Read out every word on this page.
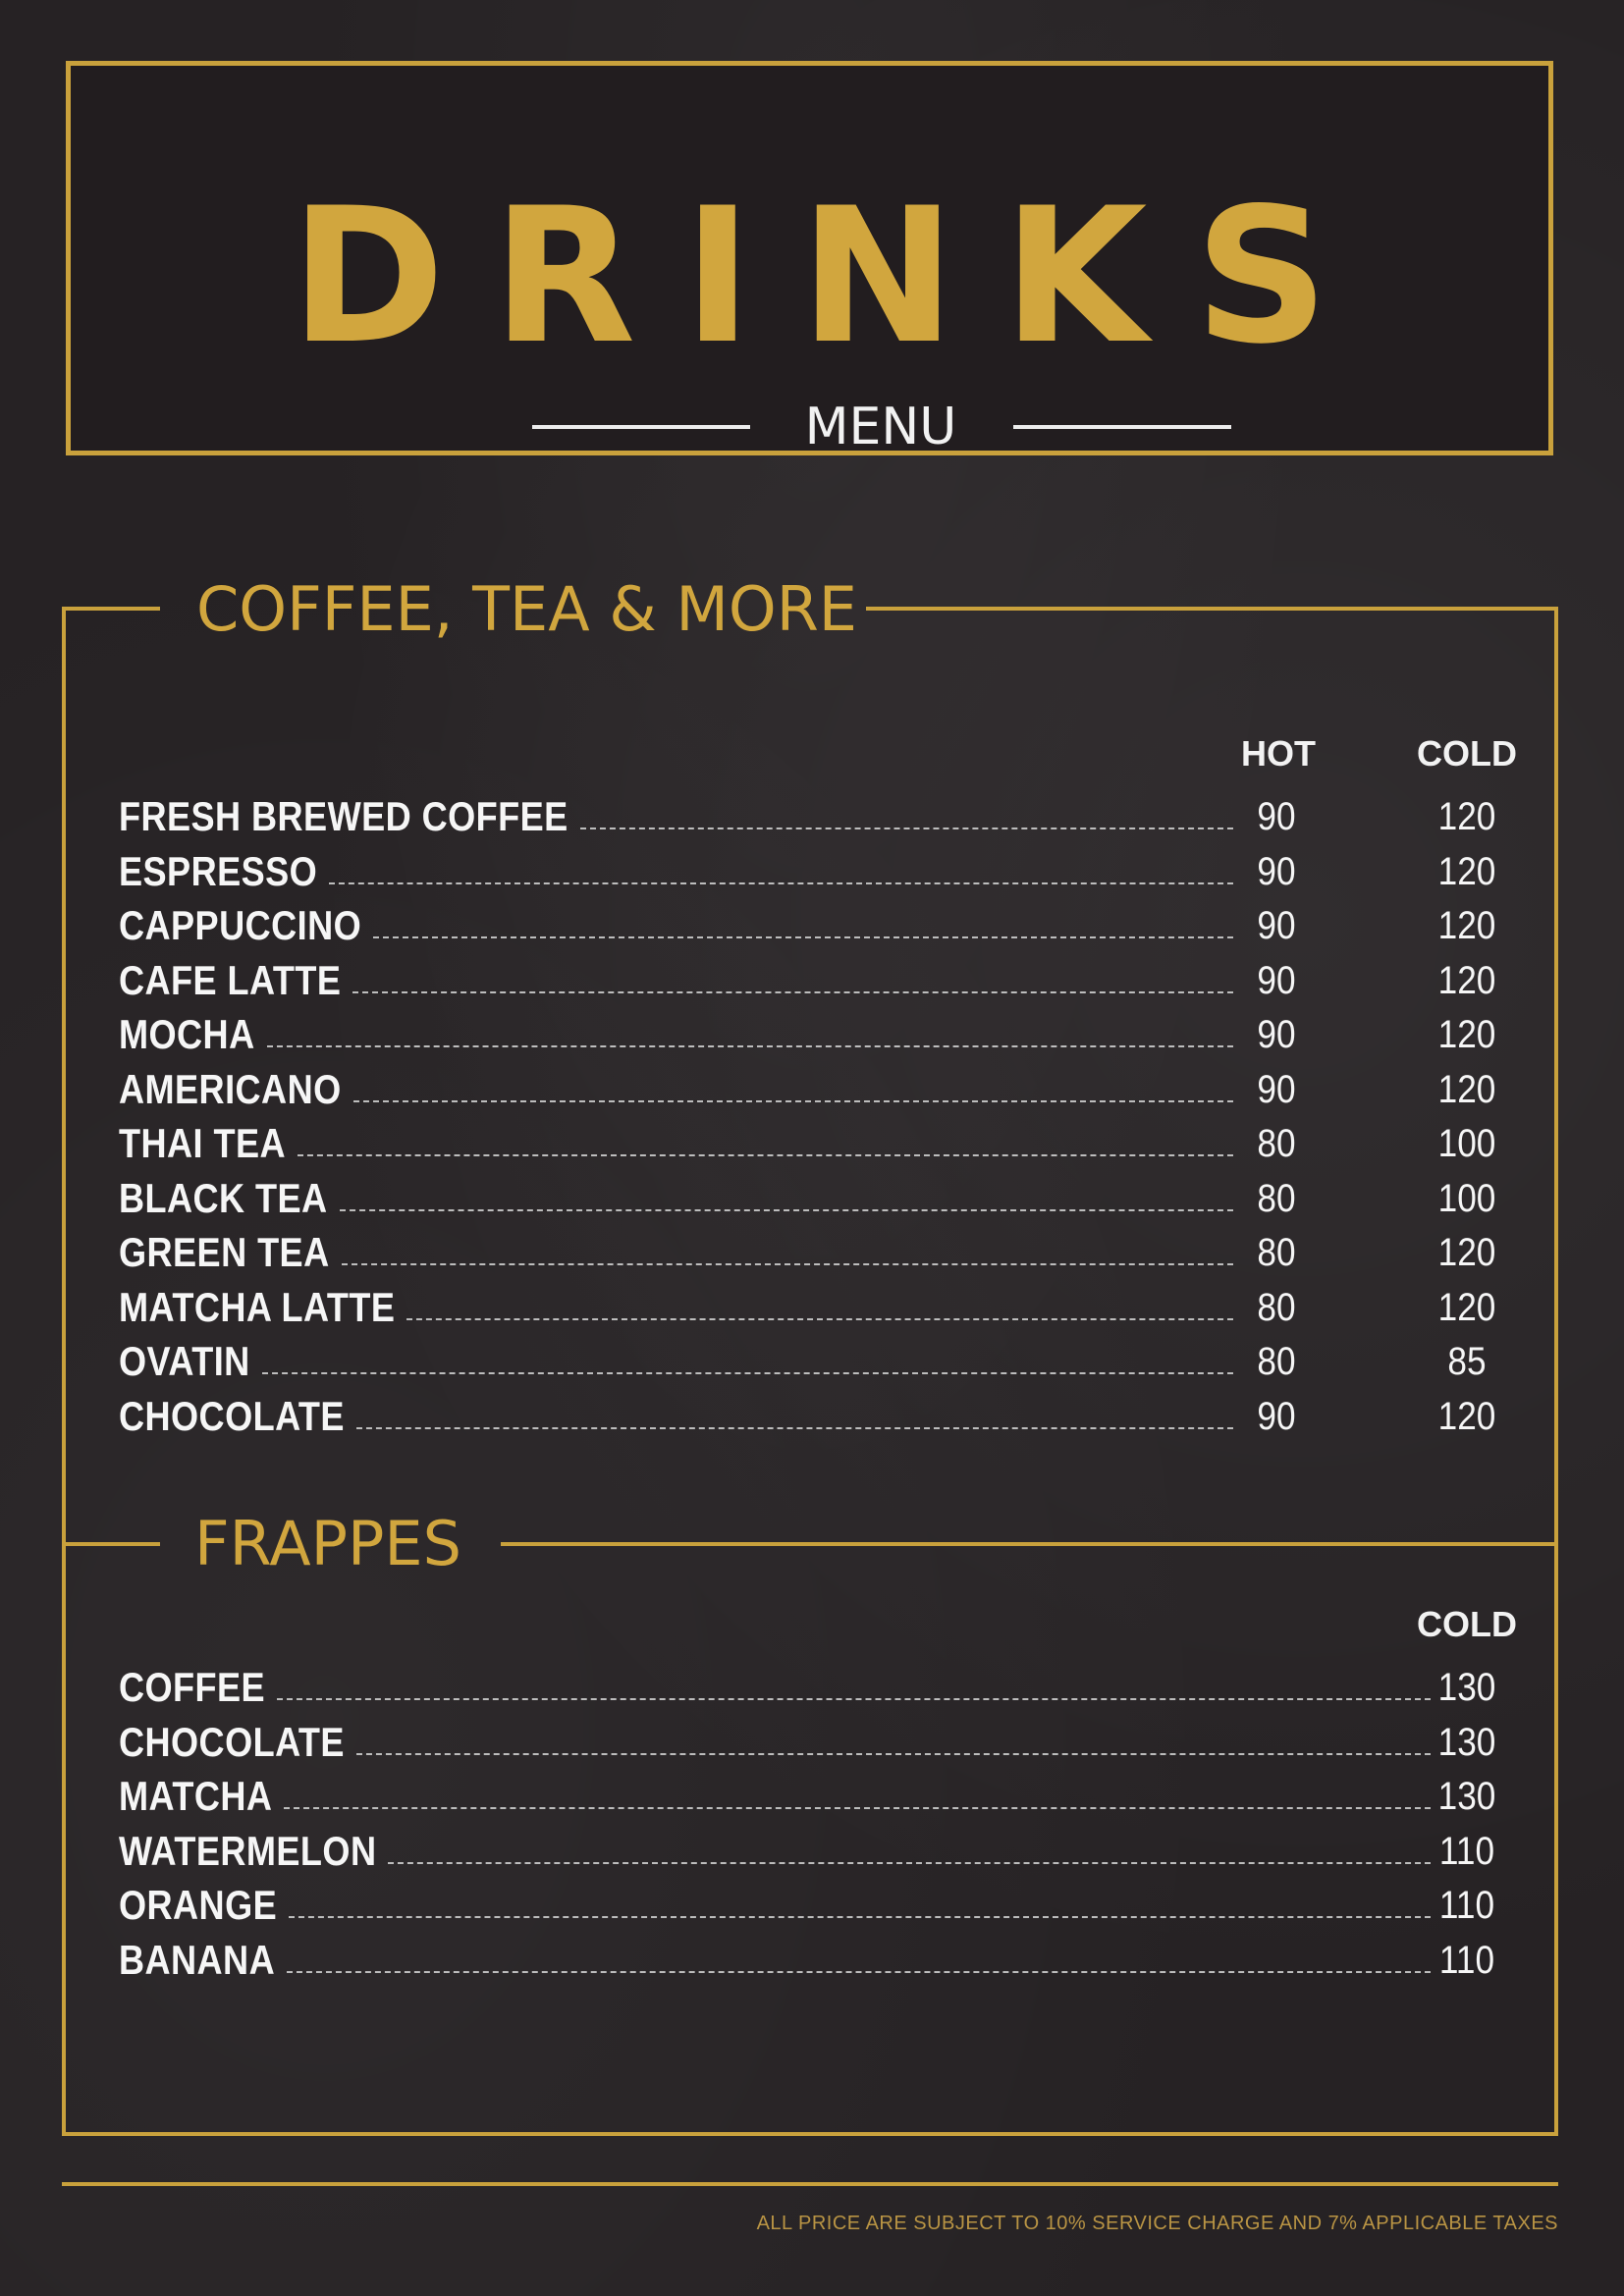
DRINKS
MENU
COFFEE, TEA & MORE
HOT	COLD
FRESH BREWED COFFEE	90	120
ESPRESSO	90	120
CAPPUCCINO	90	120
CAFE LATTE	90	120
MOCHA	90	120
AMERICANO	90	120
THAI TEA	80	100
BLACK TEA	80	100
GREEN TEA	80	120
MATCHA LATTE	80	120
OVATIN	80	85
CHOCOLATE	90	120
FRAPPES
COLD
COFFEE	130
CHOCOLATE	130
MATCHA	130
WATERMELON	110
ORANGE	110
BANANA	110
ALL PRICE ARE SUBJECT TO 10% SERVICE CHARGE AND 7% APPLICABLE TAXES
